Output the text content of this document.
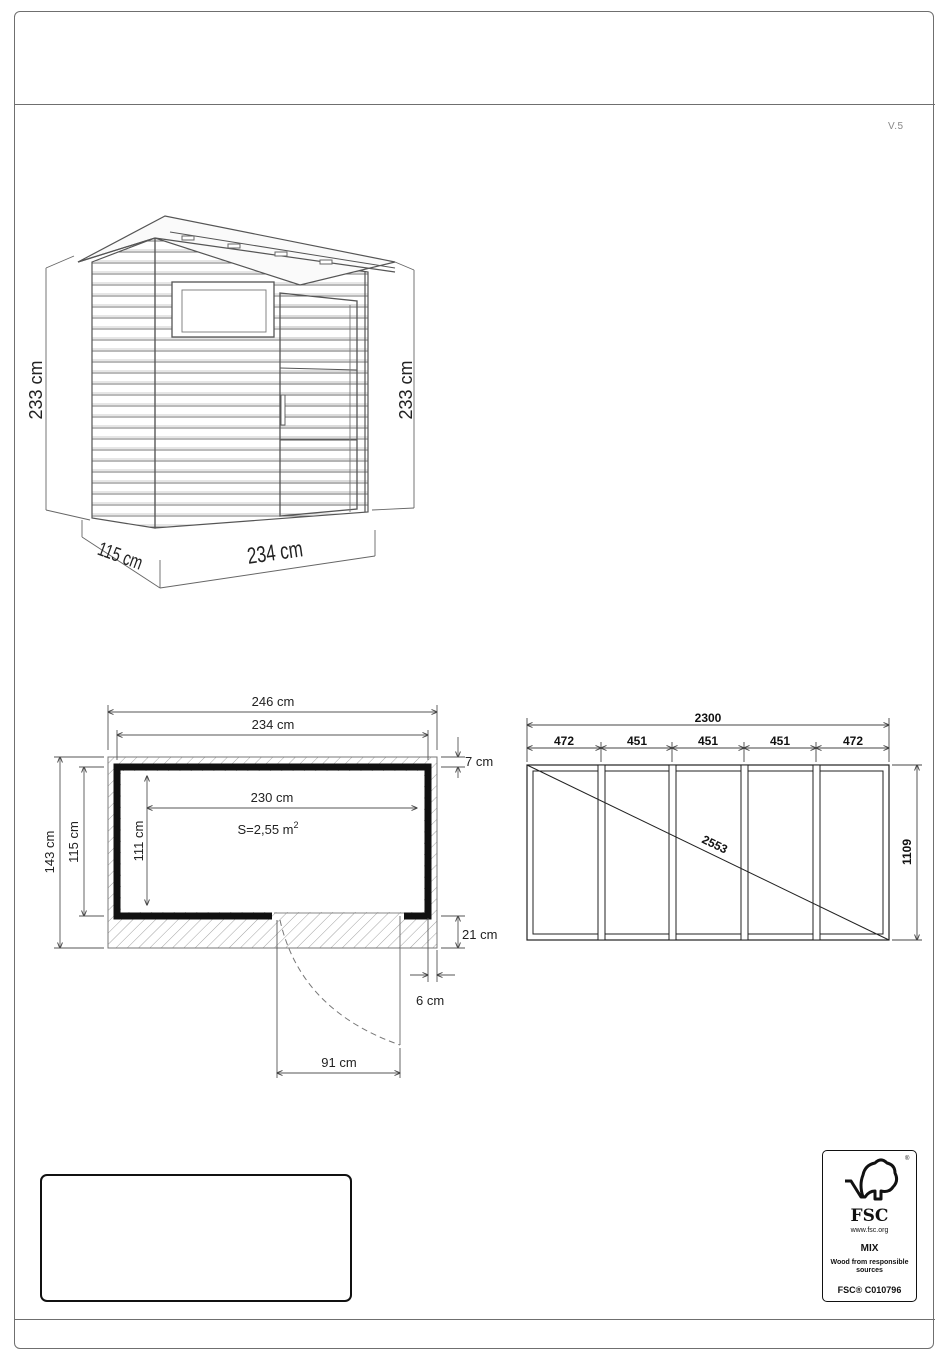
V.5
233 cm	233 cm
115 cm	234 cm
246 cm
234 cm
230 cm
S=2,55 $m^2$
111 cm
143 cm 115 cm
7 cm
21 cm
6 cm
91 cm
2300
472	451	451	451	472
2553	1109
®
FSC
www.fsc.org
MIX
Wood from responsible sources
FSC® C010796
